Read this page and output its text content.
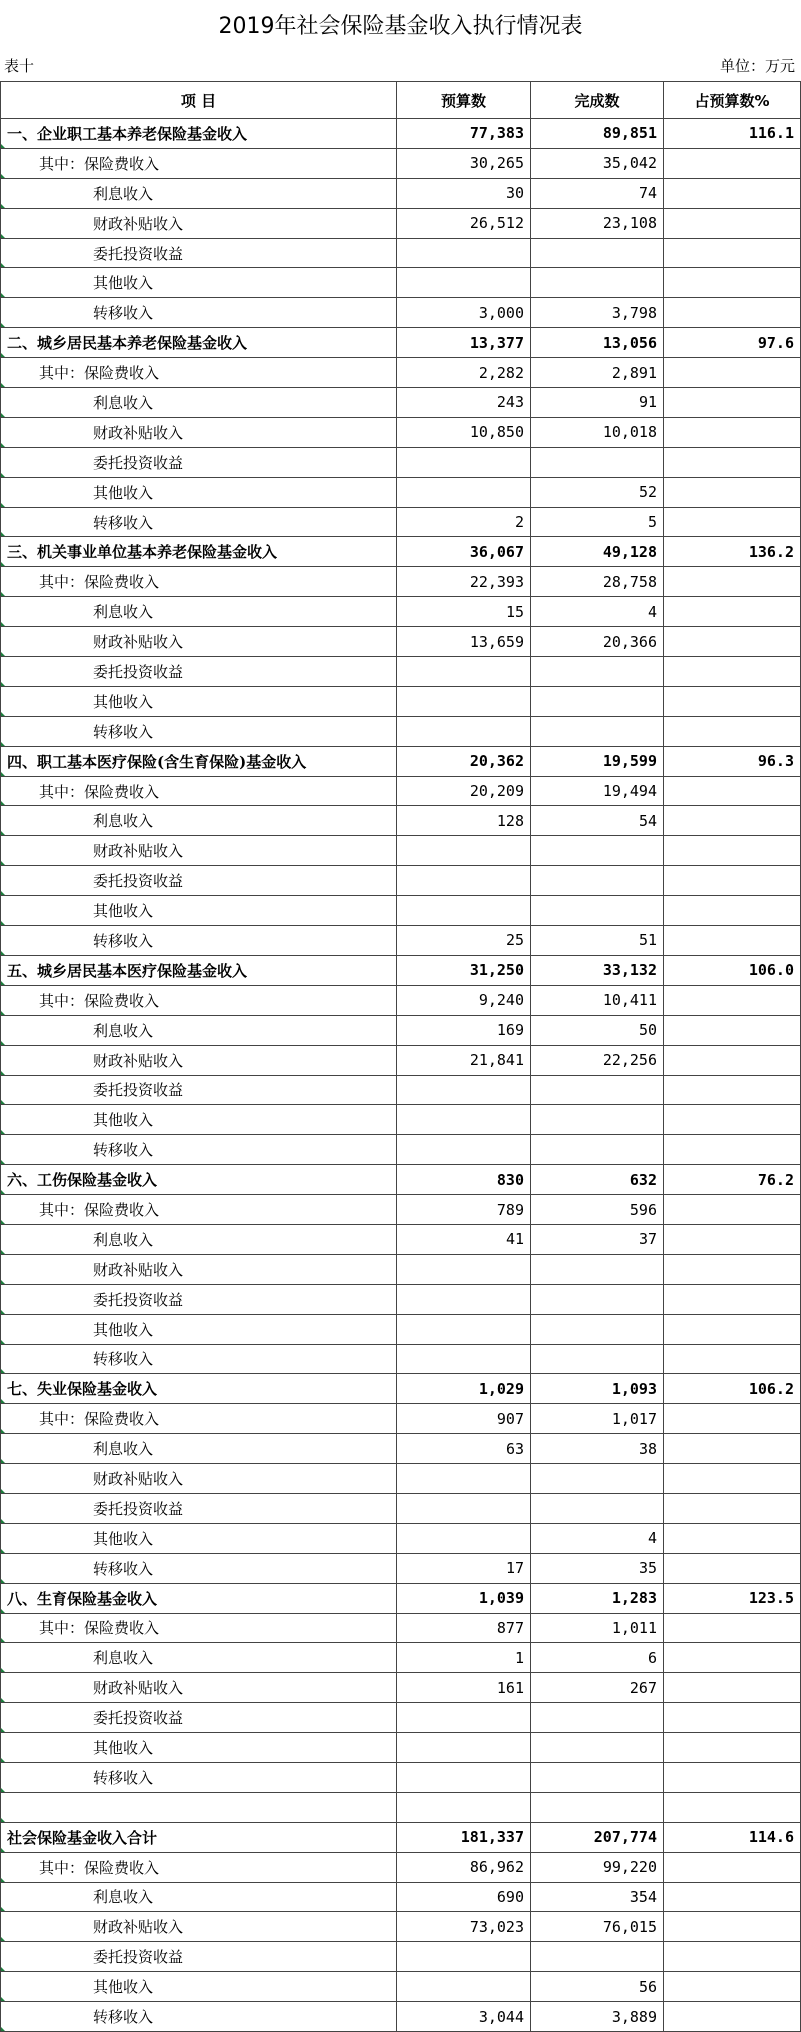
2019年社会保险基金收入执行情况表
表十	单位：万元
项 目	预算数	完成数	占预算数%
一、企业职工基本养老保险基金收入	77,383	89,851	116.1
其中：保险费收入	30,265	35,042	
利息收入	30	74	
财政补贴收入	26,512	23,108	
委托投资收益			
其他收入			
转移收入	3,000	3,798	
二、城乡居民基本养老保险基金收入	13,377	13,056	97.6
其中：保险费收入	2,282	2,891	
利息收入	243	91	
财政补贴收入	10,850	10,018	
委托投资收益			
其他收入		52	
转移收入	2	5	
三、机关事业单位基本养老保险基金收入	36,067	49,128	136.2
其中：保险费收入	22,393	28,758	
利息收入	15	4	
财政补贴收入	13,659	20,366	
委托投资收益			
其他收入			
转移收入			
四、职工基本医疗保险(含生育保险)基金收入	20,362	19,599	96.3
其中：保险费收入	20,209	19,494	
利息收入	128	54	
财政补贴收入			
委托投资收益			
其他收入			
转移收入	25	51	
五、城乡居民基本医疗保险基金收入	31,250	33,132	106.0
其中：保险费收入	9,240	10,411	
利息收入	169	50	
财政补贴收入	21,841	22,256	
委托投资收益			
其他收入			
转移收入			
六、工伤保险基金收入	830	632	76.2
其中：保险费收入	789	596	
利息收入	41	37	
财政补贴收入			
委托投资收益			
其他收入			
转移收入			
七、失业保险基金收入	1,029	1,093	106.2
其中：保险费收入	907	1,017	
利息收入	63	38	
财政补贴收入			
委托投资收益			
其他收入		4	
转移收入	17	35	
八、生育保险基金收入	1,039	1,283	123.5
其中：保险费收入	877	1,011	
利息收入	1	6	
财政补贴收入	161	267	
委托投资收益			
其他收入			
转移收入			

社会保险基金收入合计	181,337	207,774	114.6
其中：保险费收入	86,962	99,220	
利息收入	690	354	
财政补贴收入	73,023	76,015	
委托投资收益			
其他收入		56	
转移收入	3,044	3,889	
